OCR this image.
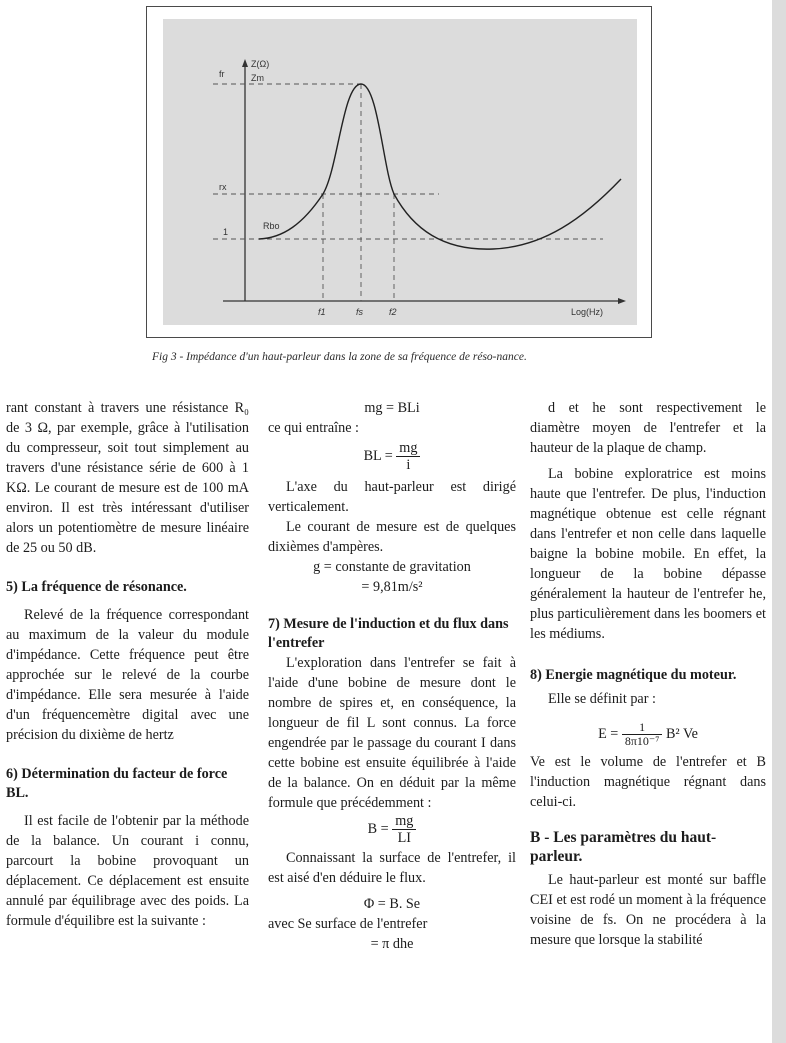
fr
Z(Ω)
Zm
rx
1
Rbo
f1	fs	f2	Log(Hz)
Fig 3 - Impédance d'un haut-parleur dans la zone de sa fréquence de réso-nance.

rant constant à travers une résistance R₀ de 3 Ω, par exemple, grâce à l'utilisation du compresseur, soit tout simplement au travers d'une résistance série de 600 à 1 KΩ. Le courant de mesure est de 100 mA environ. Il est très intéressant d'utiliser alors un potentiomètre de mesure linéaire de 25 ou 50 dB.

5) La fréquence de résonance.

Relevé de la fréquence correspondant au maximum de la valeur du module d'impédance. Cette fréquence peut être approchée sur le relevé de la courbe d'impédance. Elle sera mesurée à l'aide d'un fréquencemètre digital avec une précision du dixième de hertz

6) Détermination du facteur de force BL.

Il est facile de l'obtenir par la méthode de la balance. Un courant i connu, parcourt la bobine provoquant un déplacement. Ce déplacement est ensuite annulé par équilibrage avec des poids. La formule d'équilibre est la suivante :

mg = BLi

ce qui entraîne :

BL = $\frac{mg}{i}$

L'axe du haut-parleur est dirigé verticalement.

Le courant de mesure est de quelques dixièmes d'ampères.

g = constante de gravitation

= 9,81m/s²

7) Mesure de l'induction et du flux dans l'entrefer

L'exploration dans l'entrefer se fait à l'aide d'une bobine de mesure dont le nombre de spires et, en conséquence, la longueur de fil L sont connus. La force engendrée par le passage du courant I dans cette bobine est ensuite équilibrée à l'aide de la balance. On en déduit par la même formule que précédemment :

$B = \frac{mg}{LI}$

Connaissant la surface de l'entrefer, il est aisé d'en déduire le flux.

Φ = B. Se

avec Se surface de l'entrefer

= π dhe

d et he sont respectivement le diamètre moyen de l'entrefer et la hauteur de la plaque de champ.

La bobine exploratrice est moins haute que l'entrefer. De plus, l'induction magnétique obtenue est celle régnant dans l'entrefer et non celle dans laquelle baigne la bobine mobile. En effet, la longueur de la bobine dépasse généralement la hauteur de l'entrefer he, plus particulièrement dans les boomers et les médiums.

8) Energie magnétique du moteur.

Elle se définit par :

$E = \frac{1}{\text{8π10⁻⁷}} B^2$ Ve

Ve est le volume de l'entrefer et B l'induction magnétique régnant dans celui-ci.

B - Les paramètres du haut-parleur.

Le haut-parleur est monté sur baffle CEI et est rodé un moment à la fréquence voisine de fs. On ne procédera à la mesure que lorsque la stabilité
